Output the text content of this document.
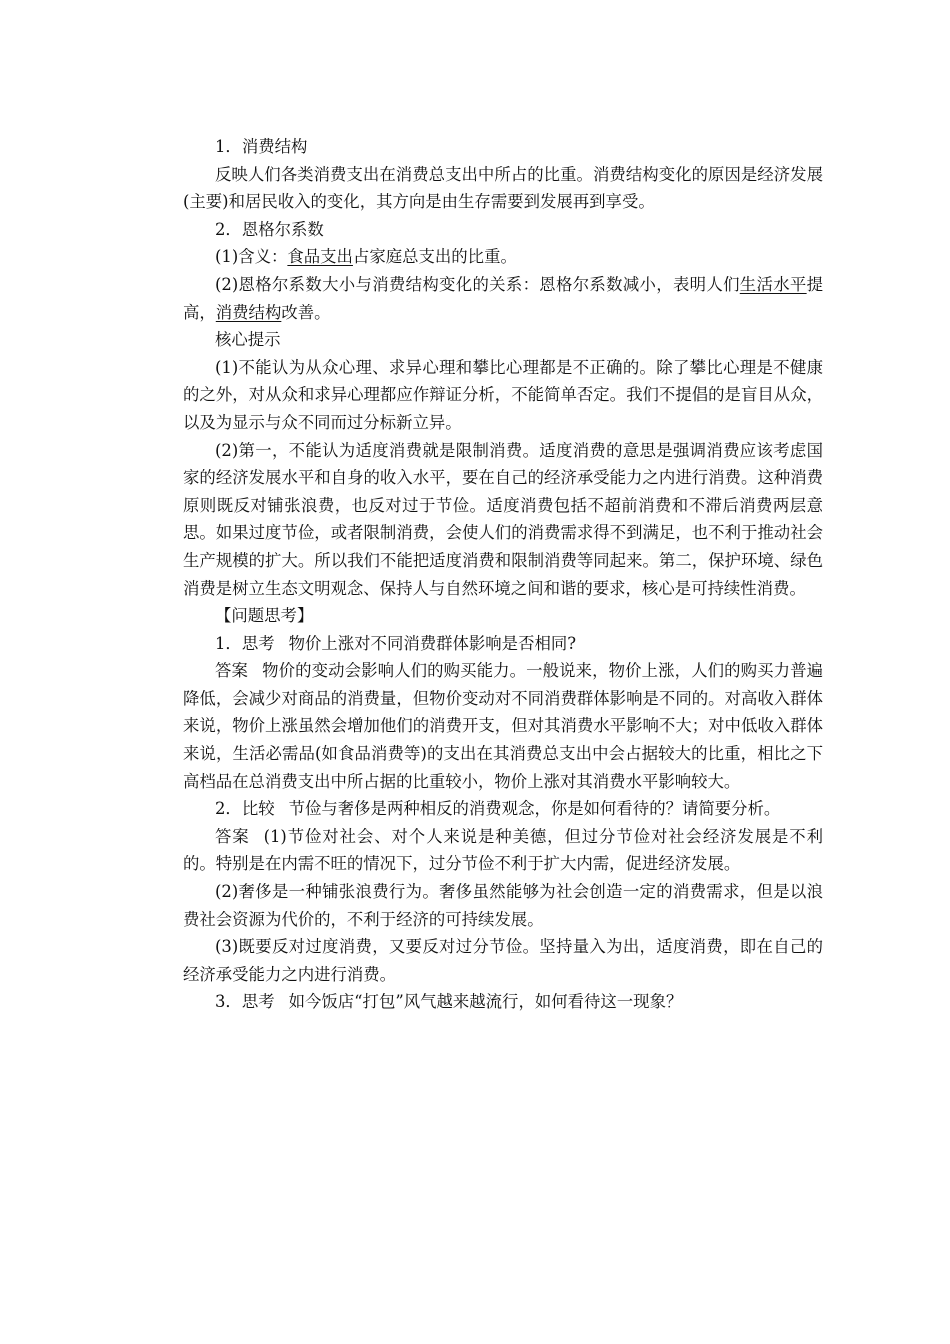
1．消费结构

反映人们各类消费支出在消费总支出中所占的比重。消费结构变化的原因是经济发展(主要)和居民收入的变化，其方向是由生存需要到发展再到享受。

2．恩格尔系数

(1)含义：食品支出占家庭总支出的比重。

(2)恩格尔系数大小与消费结构变化的关系：恩格尔系数减小，表明人们生活水平提高，消费结构改善。

核心提示

(1)不能认为从众心理、求异心理和攀比心理都是不正确的。除了攀比心理是不健康的之外，对从众和求异心理都应作辩证分析，不能简单否定。我们不提倡的是盲目从众，以及为显示与众不同而过分标新立异。

(2)第一，不能认为适度消费就是限制消费。适度消费的意思是强调消费应该考虑国家的经济发展水平和自身的收入水平，要在自己的经济承受能力之内进行消费。这种消费原则既反对铺张浪费，也反对过于节俭。适度消费包括不超前消费和不滞后消费两层意思。如果过度节俭，或者限制消费，会使人们的消费需求得不到满足，也不利于推动社会生产规模的扩大。所以我们不能把适度消费和限制消费等同起来。第二，保护环境、绿色消费是树立生态文明观念、保持人与自然环境之间和谐的要求，核心是可持续性消费。

【问题思考】

1．思考 物价上涨对不同消费群体影响是否相同?

答案 物价的变动会影响人们的购买能力。一般说来，物价上涨，人们的购买力普遍降低，会减少对商品的消费量，但物价变动对不同消费群体影响是不同的。对高收入群体来说，物价上涨虽然会增加他们的消费开支，但对其消费水平影响不大；对中低收入群体来说，生活必需品(如食品消费等)的支出在其消费总支出中会占据较大的比重，相比之下高档品在总消费支出中所占据的比重较小，物价上涨对其消费水平影响较大。

2．比较 节俭与奢侈是两种相反的消费观念，你是如何看待的？请简要分析。

答案 (1)节俭对社会、对个人来说是种美德，但过分节俭对社会经济发展是不利的。特别是在内需不旺的情况下，过分节俭不利于扩大内需，促进经济发展。

(2)奢侈是一种铺张浪费行为。奢侈虽然能够为社会创造一定的消费需求，但是以浪费社会资源为代价的，不利于经济的可持续发展。

(3)既要反对过度消费，又要反对过分节俭。坚持量入为出，适度消费，即在自己的经济承受能力之内进行消费。

3．思考 如今饭店“打包”风气越来越流行，如何看待这一现象？
